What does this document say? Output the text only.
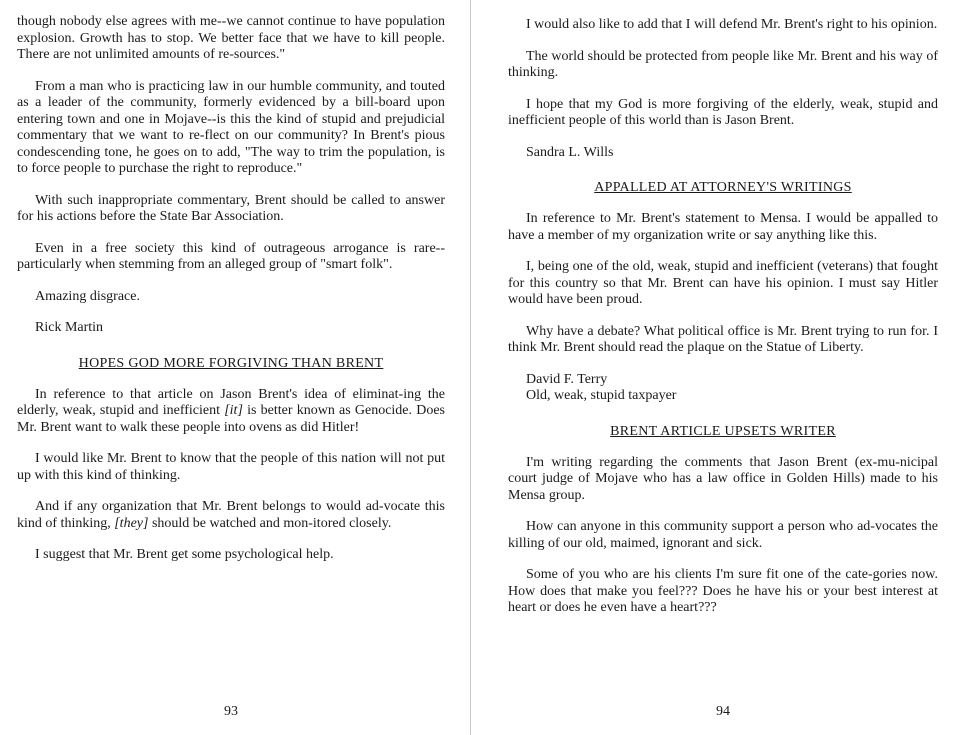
though nobody else agrees with me--we cannot continue to have population explosion. Growth has to stop. We better face that we have to kill people. There are not unlimited amounts of re-sources."

From a man who is practicing law in our humble community, and touted as a leader of the community, formerly evidenced by a bill-board upon entering town and one in Mojave--is this the kind of stupid and prejudicial commentary that we want to re-flect on our community? In Brent's pious condescending tone, he goes on to add, "The way to trim the population, is to force people to purchase the right to reproduce."

With such inappropriate commentary, Brent should be called to answer for his actions before the State Bar Association.

Even in a free society this kind of outrageous arrogance is rare--particularly when stemming from an alleged group of "smart folk".

Amazing disgrace.

Rick Martin

HOPES GOD MORE FORGIVING THAN BRENT

In reference to that article on Jason Brent's idea of eliminat-ing the elderly, weak, stupid and inefficient [it] is better known as Genocide. Does Mr. Brent want to walk these people into ovens as did Hitler!

I would like Mr. Brent to know that the people of this nation will not put up with this kind of thinking.

And if any organization that Mr. Brent belongs to would ad-vocate this kind of thinking, [they] should be watched and mon-itored closely.

I suggest that Mr. Brent get some psychological help.

93

I would also like to add that I will defend Mr. Brent's right to his opinion.

The world should be protected from people like Mr. Brent and his way of thinking.

I hope that my God is more forgiving of the elderly, weak, stupid and inefficient people of this world than is Jason Brent.

Sandra L. Wills

APPALLED AT ATTORNEY'S WRITINGS

In reference to Mr. Brent's statement to Mensa. I would be appalled to have a member of my organization write or say anything like this.

I, being one of the old, weak, stupid and inefficient (veterans) that fought for this country so that Mr. Brent can have his opinion. I must say Hitler would have been proud.

Why have a debate? What political office is Mr. Brent trying to run for. I think Mr. Brent should read the plaque on the Statue of Liberty.

David F. Terry

Old, weak, stupid taxpayer

BRENT ARTICLE UPSETS WRITER

I'm writing regarding the comments that Jason Brent (ex-mu-nicipal court judge of Mojave who has a law office in Golden Hills) made to his Mensa group.

How can anyone in this community support a person who ad-vocates the killing of our old, maimed, ignorant and sick.

Some of you who are his clients I'm sure fit one of the cate-gories now. How does that make you feel??? Does he have his or your best interest at heart or does he even have a heart???

94
